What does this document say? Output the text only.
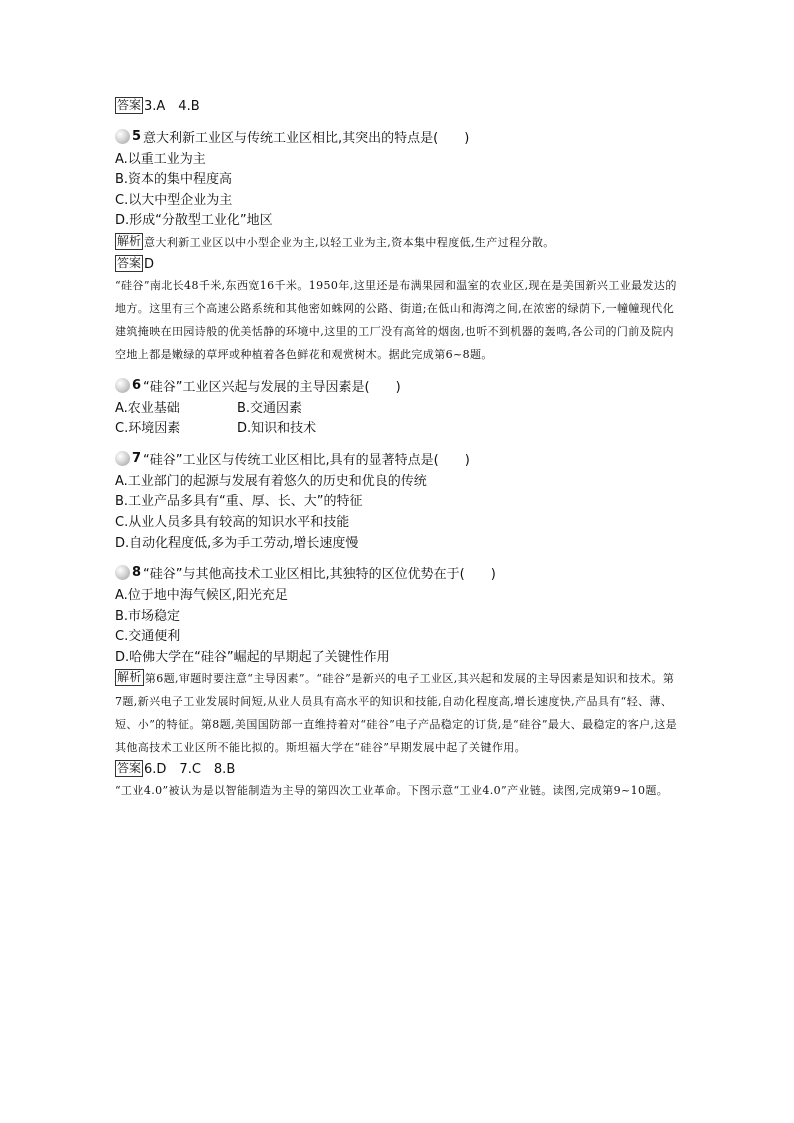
答案 3.A　4.B
5 意大利新工业区与传统工业区相比,其突出的特点是(　　)
A.以重工业为主
B.资本的集中程度高
C.以大中型企业为主
D.形成“分散型工业化”地区
解析 意大利新工业区以中小型企业为主,以轻工业为主,资本集中程度低,生产过程分散。
答案 D
“硅谷”南北长48千米,东西宽16千米。1950年,这里还是布满果园和温室的农业区,现在是美国新兴工业最发达的地方。这里有三个高速公路系统和其他密如蛛网的公路、街道;在低山和海湾之间,在浓密的绿荫下,一幢幢现代化建筑掩映在田园诗般的优美恬静的环境中,这里的工厂没有高耸的烟囱,也听不到机器的轰鸣,各公司的门前及院内空地上都是嫩绿的草坪或种植着各色鲜花和观赏树木。据此完成第6~8题。
6 “硅谷”工业区兴起与发展的主导因素是(　　)
A.农业基础	B.交通因素
C.环境因素	D.知识和技术
7 “硅谷”工业区与传统工业区相比,具有的显著特点是(　　)
A.工业部门的起源与发展有着悠久的历史和优良的传统
B.工业产品多具有“重、厚、长、大”的特征
C.从业人员多具有较高的知识水平和技能
D.自动化程度低,多为手工劳动,增长速度慢
8 “硅谷”与其他高技术工业区相比,其独特的区位优势在于(　　)
A.位于地中海气候区,阳光充足
B.市场稳定
C.交通便利
D.哈佛大学在“硅谷”崛起的早期起了关键性作用
解析 第6题,审题时要注意“主导因素”。“硅谷”是新兴的电子工业区,其兴起和发展的主导因素是知识和技术。第7题,新兴电子工业发展时间短,从业人员具有高水平的知识和技能,自动化程度高,增长速度快,产品具有“轻、薄、短、小”的特征。第8题,美国国防部一直维持着对“硅谷”电子产品稳定的订货,是“硅谷”最大、最稳定的客户,这是其他高技术工业区所不能比拟的。斯坦福大学在“硅谷”早期发展中起了关键作用。
答案 6.D　7.C　8.B
“工业4.0”被认为是以智能制造为主导的第四次工业革命。下图示意“工业4.0”产业链。读图,完成第9~10题。
